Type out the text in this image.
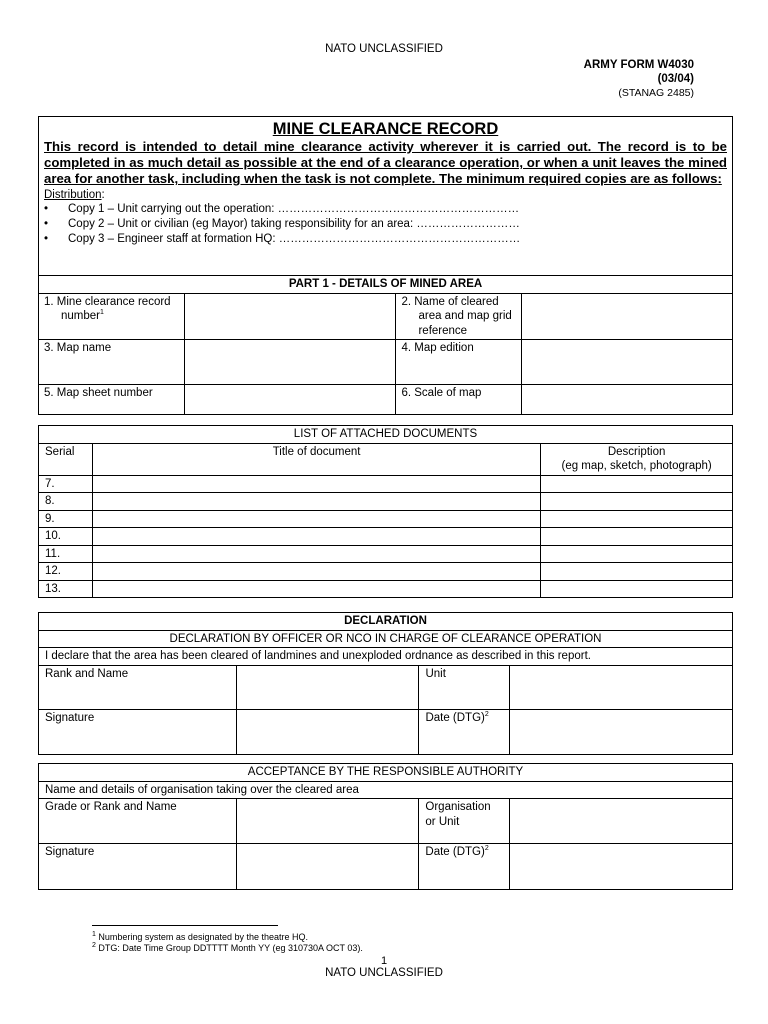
NATO UNCLASSIFIED
ARMY FORM W4030
(03/04)
(STANAG 2485)
MINE CLEARANCE RECORD
This record is intended to detail mine clearance activity wherever it is carried out. The record is to be completed in as much detail as possible at the end of a clearance operation, or when a unit leaves the mined area for another task, including when the task is not complete. The minimum required copies are as follows:
Distribution:
• Copy 1 – Unit carrying out the operation: ………………………………………………………
• Copy 2 – Unit or civilian (eg Mayor) taking responsibility for an area: ………………………
• Copy 3 – Engineer staff at formation HQ: ………………………………………………………
PART 1 - DETAILS OF MINED AREA			
1. Mine clearance record number$^1$		2. Name of cleared area and map grid reference	
3. Map name		4. Map edition	
5. Map sheet number		6. Scale of map	
LIST OF ATTACHED DOCUMENTS		
Serial	Title of document	Description
(eg map, sketch, photograph)

7.		
8.		
9.		
10.		
11.		
12.		
13.		
DECLARATION			
DECLARATION BY OFFICER OR NCO IN CHARGE OF CLEARANCE OPERATION			
I declare that the area has been cleared of landmines and unexploded ordnance as described in this report.			
Rank and Name		Unit	
Signature		Date (DTG)$^2$	
ACCEPTANCE BY THE RESPONSIBLE AUTHORITY			
Name and details of organisation taking over the cleared area			
Grade or Rank and Name		Organisation or Unit	
Signature		Date (DTG)$^2$	
$^1$ Numbering system as designated by the theatre HQ.
$^2$ DTG: Date Time Group DDTTTT Month YY (eg 310730A OCT 03).
1
NATO UNCLASSIFIED
